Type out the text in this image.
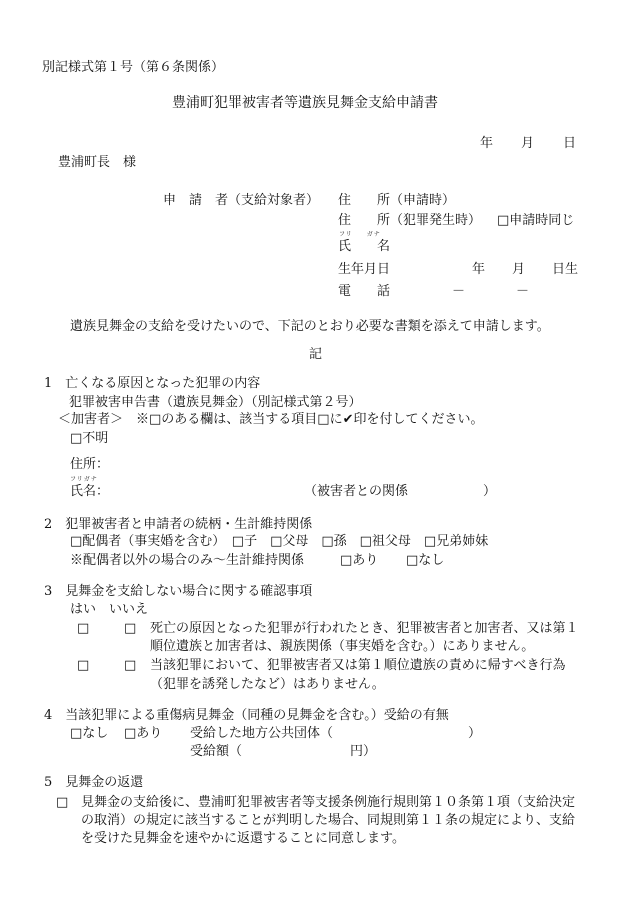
別記様式第１号（第６条関係）
豊浦町犯罪被害者等遺族見舞金支給申請書
年 月 日
豊浦町長　様
申　請　者（支給対象者） 住　　所（申請時）
住　　所（犯罪発生時） □申請時同じ
フリ　　ガナ
氏　　名
生年月日	年 月 日生
電　　話	－	－
遺族見舞金の支給を受けたいので、下記のとおり必要な書類を添えて申請します。
記
1　亡くなる原因となった犯罪の内容
犯罪被害申告書（遺族見舞金）（別記様式第２号）
＜加害者＞　※□のある欄は、該当する項目□に✔印を付してください。
□不明
住所：
フリガナ
氏名：	（被害者との関係	）
2　犯罪被害者と申請者の続柄・生計維持関係
□配偶者（事実婚を含む）　□子　□父母　□孫　□祖父母　□兄弟姉妹
※配偶者以外の場合のみ～生計維持関係	□あり □なし
3　見舞金を支給しない場合に関する確認事項
はい　いいえ
□	□ 死亡の原因となった犯罪が行われたとき、犯罪被害者と加害者、又は第１
順位遺族と加害者は、親族関係（事実婚を含む。）にありません。
□	□ 当該犯罪において、犯罪被害者又は第１順位遺族の責めに帰すべき行為
（犯罪を誘発したなど）はありません。
4　当該犯罪による重傷病見舞金（同種の見舞金を含む。）受給の有無
□なし □あり 受給した地方公共団体（	）
受給額（	円）
5　見舞金の返還
□ 見舞金の支給後に、豊浦町犯罪被害者等支援条例施行規則第１０条第１項（支給決定
の取消）の規定に該当することが判明した場合、同規則第１１条の規定により、支給
を受けた見舞金を速やかに返還することに同意します。
